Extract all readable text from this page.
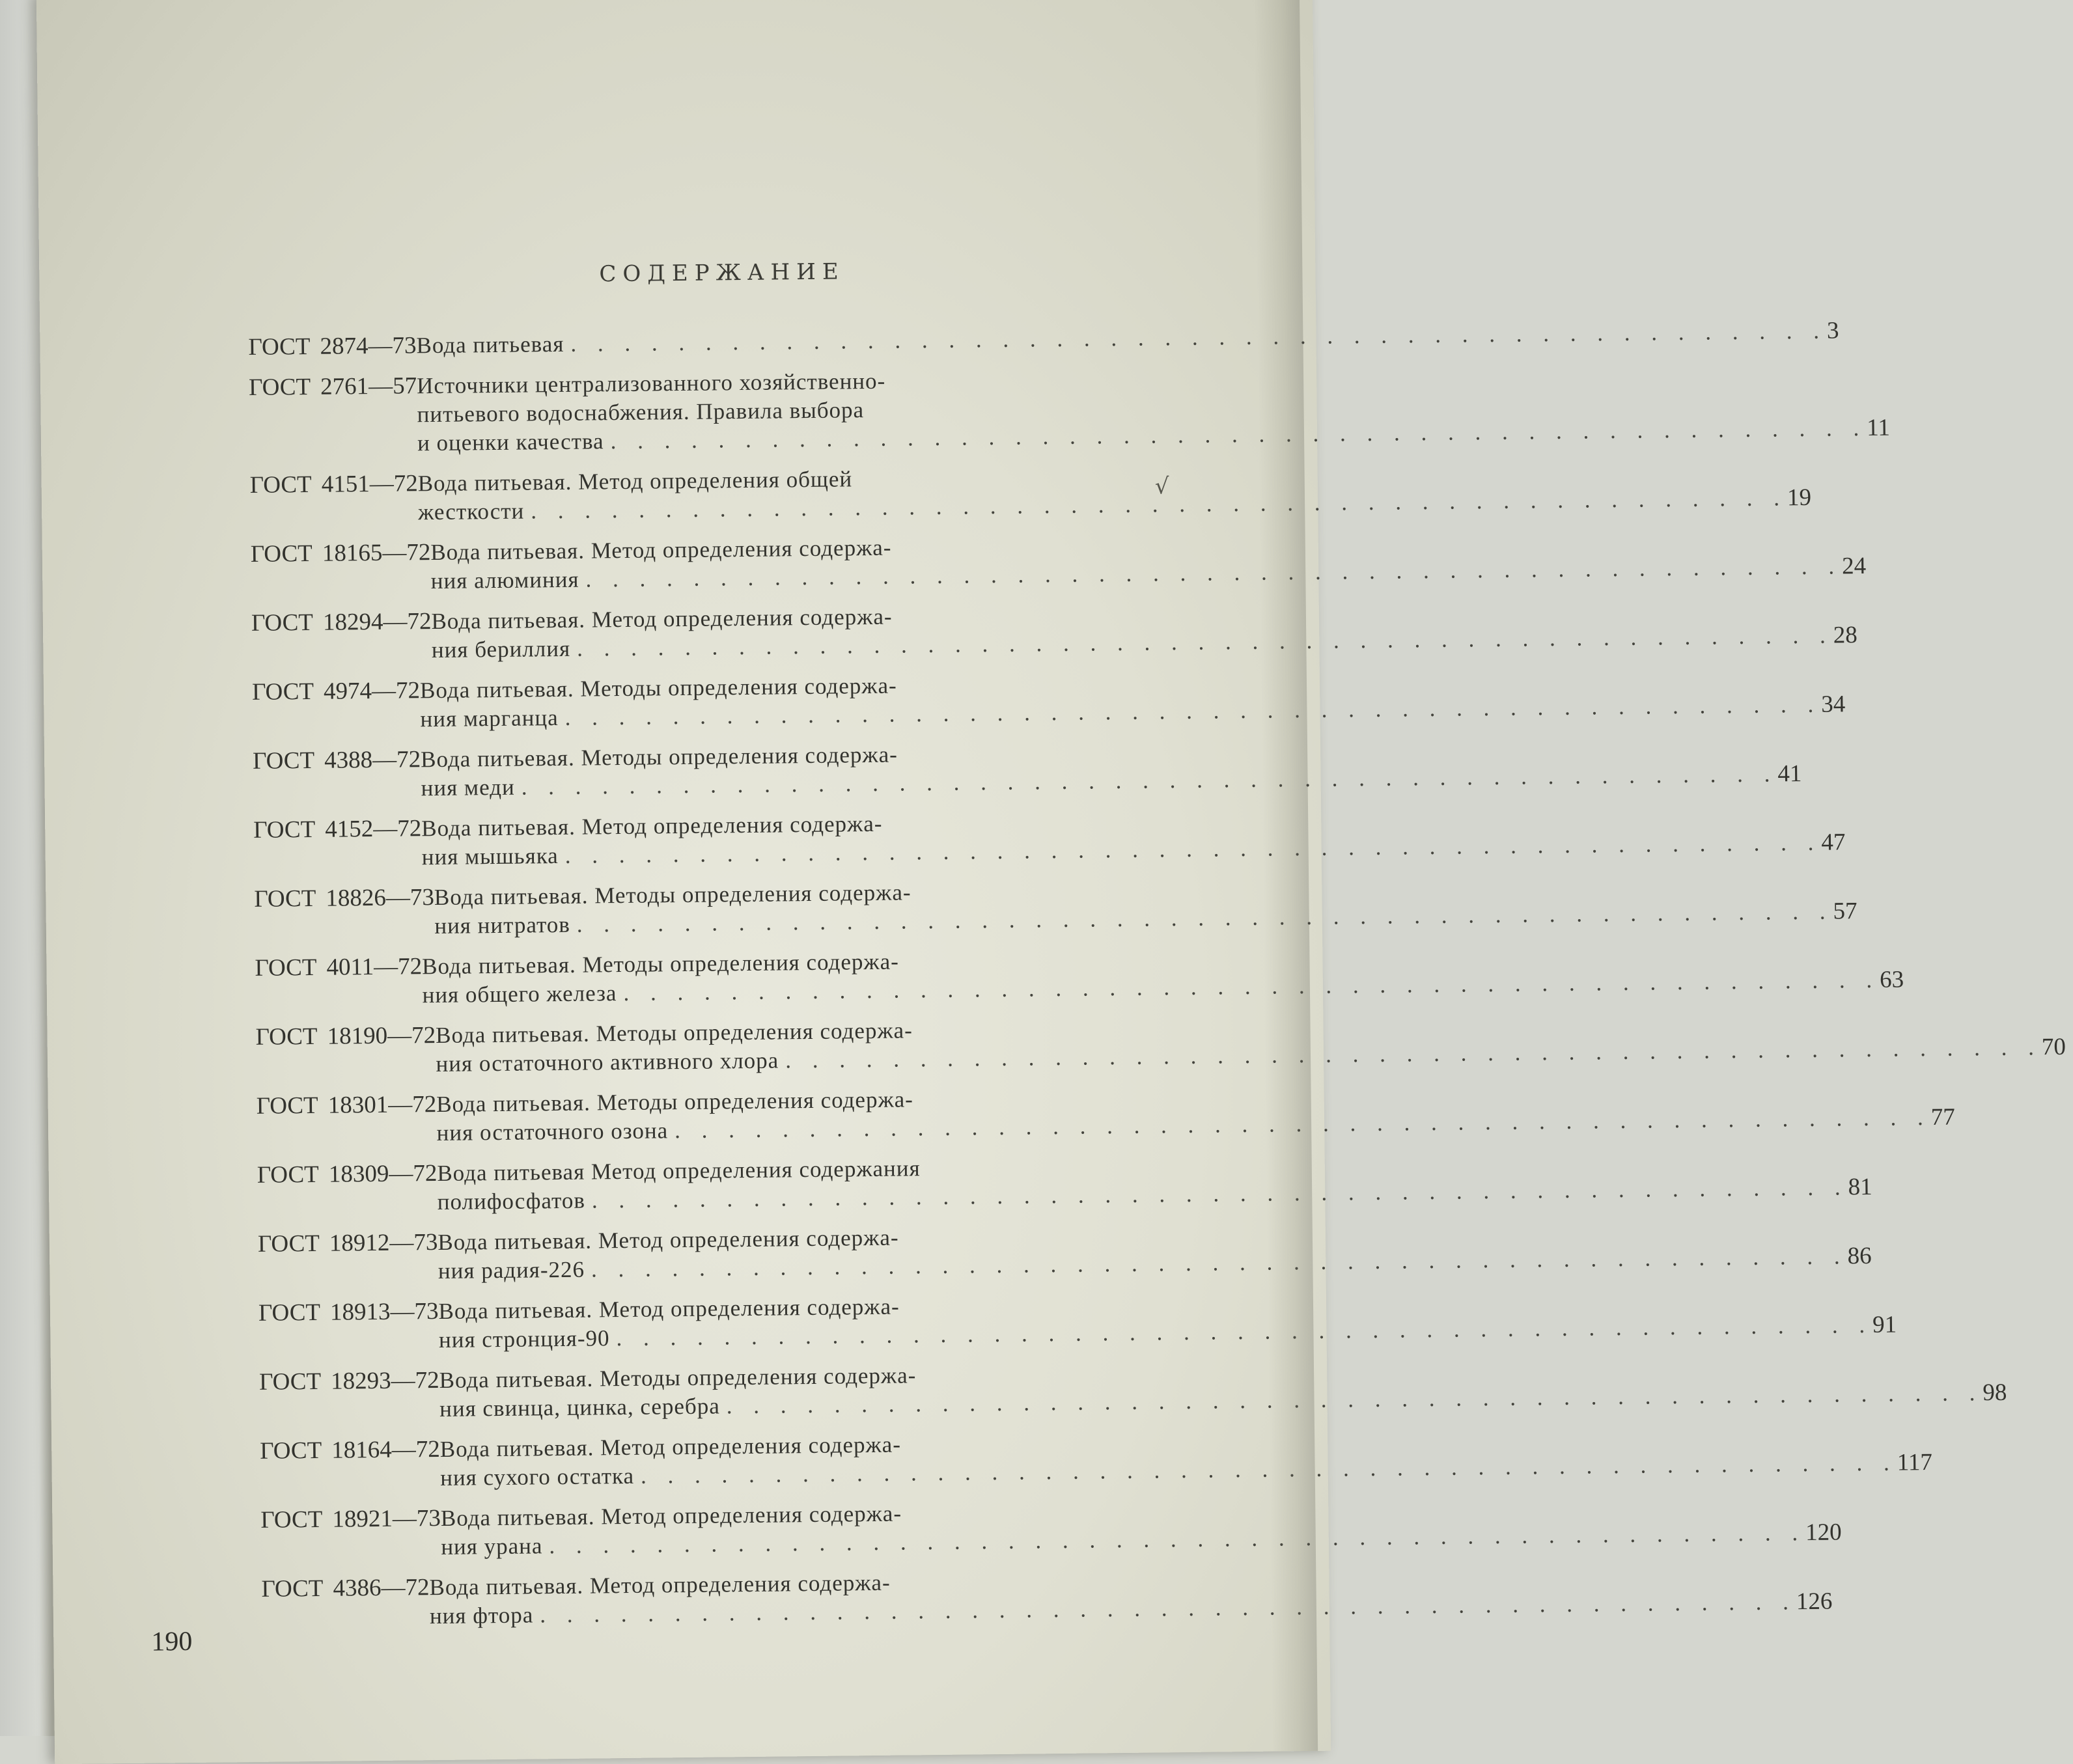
СОДЕРЖАНИЕ
ГОСТ 2874—73 Вода питьевая
. . .
3
ГОСТ 2761—57 Источники централизованного хозяйственно-
питьевого водоснабжения. Правила выбора
и оценки качества
. . .
11
ГОСТ 4151—72 Вода питьевая. Метод определения общей
жесткости
. . .
19
ГОСТ 18165—72 Вода питьевая. Метод определения содержа-
ния алюминия
. . .
24
ГОСТ 18294—72 Вода питьевая. Метод определения содержа-
ния бериллия
. . .
28
ГОСТ 4974—72 Вода питьевая. Методы определения содержа-
ния марганца
. . .
34
ГОСТ 4388—72 Вода питьевая. Методы определения содержа-
ния меди
. . .
41
ГОСТ 4152—72 Вода питьевая. Метод определения содержа-
ния мышьяка
. . .
47
ГОСТ 18826—73 Вода питьевая. Методы определения содержа-
ния нитратов
. . .
57
ГОСТ 4011—72 Вода питьевая. Методы определения содержа-
ния общего железа
. . .
63
ГОСТ 18190—72 Вода питьевая. Методы определения содержа-
ния остаточного активного хлора
. . .
70
ГОСТ 18301—72 Вода питьевая. Методы определения содержа-
ния остаточного озона
. . .
77
ГОСТ 18309—72 Вода питьевая Метод определения содержания
полифосфатов
. . .
81
ГОСТ 18912—73 Вода питьевая. Метод определения содержа-
ния радия-226
. . .
86
ГОСТ 18913—73 Вода питьевая. Метод определения содержа-
ния стронция-90
. . .
91
ГОСТ 18293—72 Вода питьевая. Методы определения содержа-
ния свинца, цинка, серебра
. . .
98
ГОСТ 18164—72 Вода питьевая. Метод определения содержа-
ния сухого остатка
. . .
117
ГОСТ 18921—73 Вода питьевая. Метод определения содержа-
ния урана
. . .
120
ГОСТ 4386—72 Вода питьевая. Метод определения содержа-
ния фтора
. . .
126
√
190
